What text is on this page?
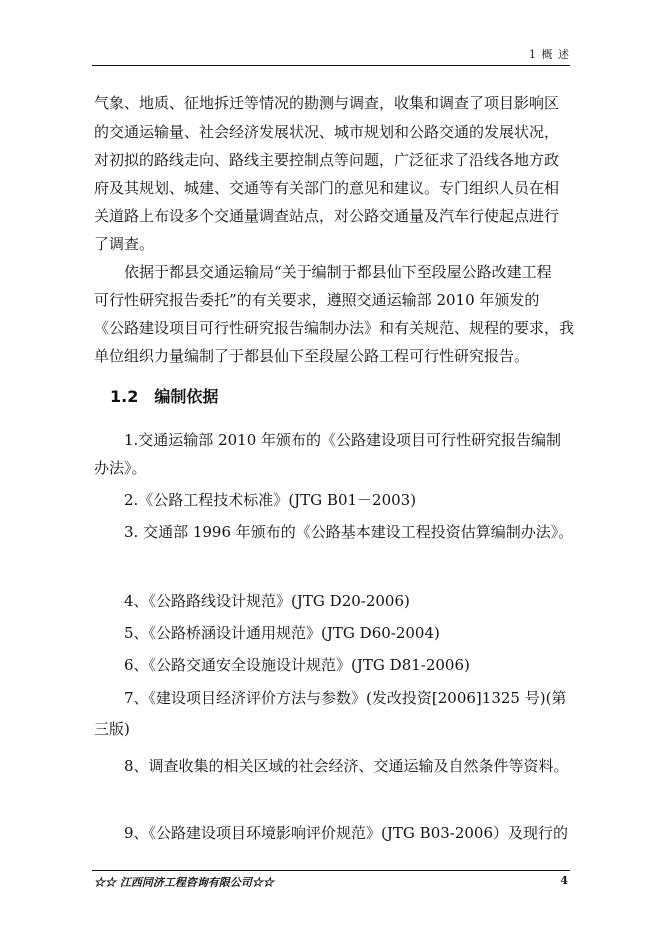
1 概 述
气象、地质、征地拆迁等情况的勘测与调查，收集和调查了项目影响区
的交通运输量、社会经济发展状况、城市规划和公路交通的发展状况，
对初拟的路线走向、路线主要控制点等问题，广泛征求了沿线各地方政
府及其规划、城建、交通等有关部门的意见和建议。专门组织人员在相
关道路上布设多个交通量调查站点，对公路交通量及汽车行使起点进行
了调查。
依据于都县交通运输局“关于编制于都县仙下至段屋公路改建工程
可行性研究报告委托”的有关要求，遵照交通运输部 2010 年颁发的
《公路建设项目可行性研究报告编制办法》和有关规范、规程的要求，我
单位组织力量编制了于都县仙下至段屋公路工程可行性研究报告。
1.2 编制依据
1.交通运输部 2010 年颁布的《公路建设项目可行性研究报告编制
办法》。
2.《公路工程技术标准》(JTG B01－2003)
3. 交通部 1996 年颁布的《公路基本建设工程投资估算编制办法》。
4、《公路路线设计规范》(JTG D20-2006)
5、《公路桥涵设计通用规范》(JTG D60-2004)
6、《公路交通安全设施设计规范》(JTG D81-2006)
7、《建设项目经济评价方法与参数》(发改投资[2006]1325 号)(第
三版)
8、调查收集的相关区域的社会经济、交通运输及自然条件等资料。
9、《公路建设项目环境影响评价规范》(JTG B03-2006）及现行的
☆☆ 江西同济工程咨询有限公司☆☆	4
